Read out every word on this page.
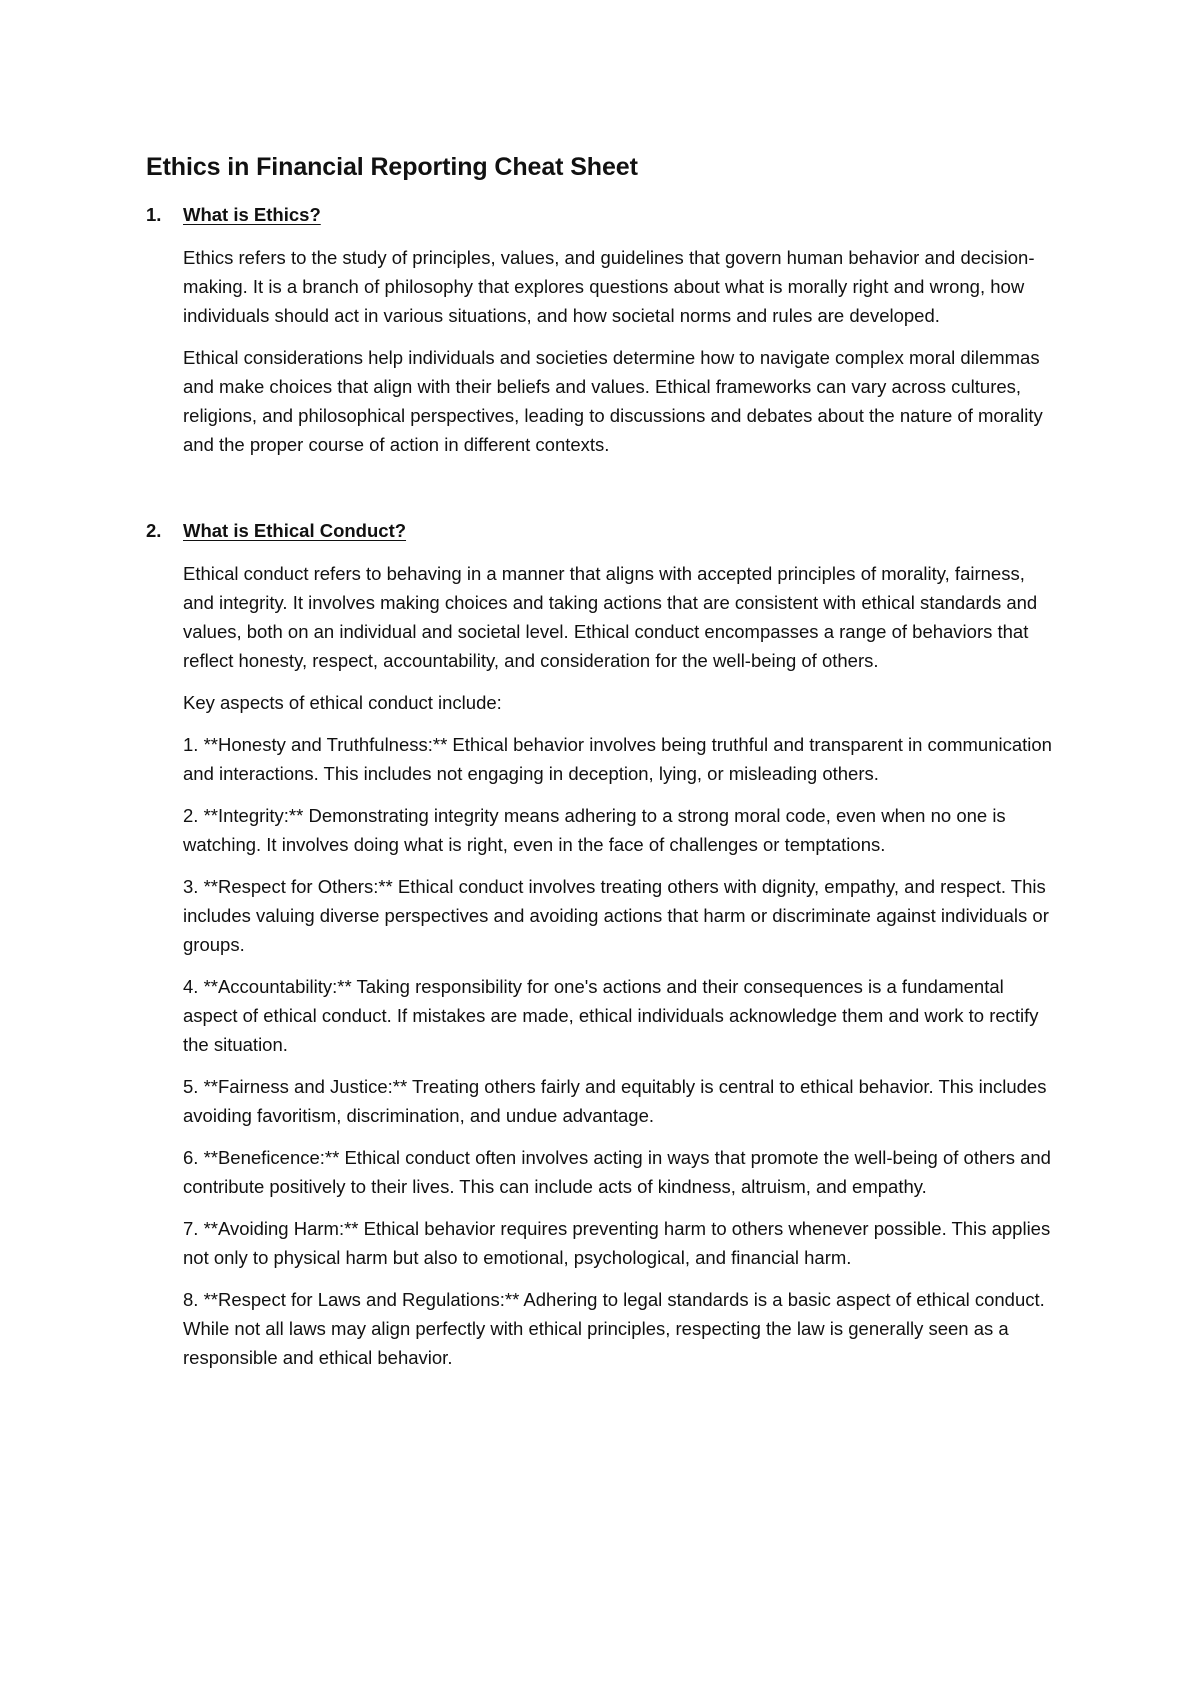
Ethics in Financial Reporting Cheat Sheet
1.	What is Ethics?

Ethics refers to the study of principles, values, and guidelines that govern human behavior and decision-making. It is a branch of philosophy that explores questions about what is morally right and wrong, how individuals should act in various situations, and how societal norms and rules are developed.

Ethical considerations help individuals and societies determine how to navigate complex moral dilemmas and make choices that align with their beliefs and values. Ethical frameworks can vary across cultures, religions, and philosophical perspectives, leading to discussions and debates about the nature of morality and the proper course of action in different contexts.

2.	What is Ethical Conduct?

Ethical conduct refers to behaving in a manner that aligns with accepted principles of morality, fairness, and integrity. It involves making choices and taking actions that are consistent with ethical standards and values, both on an individual and societal level. Ethical conduct encompasses a range of behaviors that reflect honesty, respect, accountability, and consideration for the well-being of others.

Key aspects of ethical conduct include:

1. **Honesty and Truthfulness:** Ethical behavior involves being truthful and transparent in communication and interactions. This includes not engaging in deception, lying, or misleading others.

2. **Integrity:** Demonstrating integrity means adhering to a strong moral code, even when no one is watching. It involves doing what is right, even in the face of challenges or temptations.

3. **Respect for Others:** Ethical conduct involves treating others with dignity, empathy, and respect. This includes valuing diverse perspectives and avoiding actions that harm or discriminate against individuals or groups.

4. **Accountability:** Taking responsibility for one's actions and their consequences is a fundamental aspect of ethical conduct. If mistakes are made, ethical individuals acknowledge them and work to rectify the situation.

5. **Fairness and Justice:** Treating others fairly and equitably is central to ethical behavior. This includes avoiding favoritism, discrimination, and undue advantage.

6. **Beneficence:** Ethical conduct often involves acting in ways that promote the well-being of others and contribute positively to their lives. This can include acts of kindness, altruism, and empathy.

7. **Avoiding Harm:** Ethical behavior requires preventing harm to others whenever possible. This applies not only to physical harm but also to emotional, psychological, and financial harm.

8. **Respect for Laws and Regulations:** Adhering to legal standards is a basic aspect of ethical conduct. While not all laws may align perfectly with ethical principles, respecting the law is generally seen as a responsible and ethical behavior.
